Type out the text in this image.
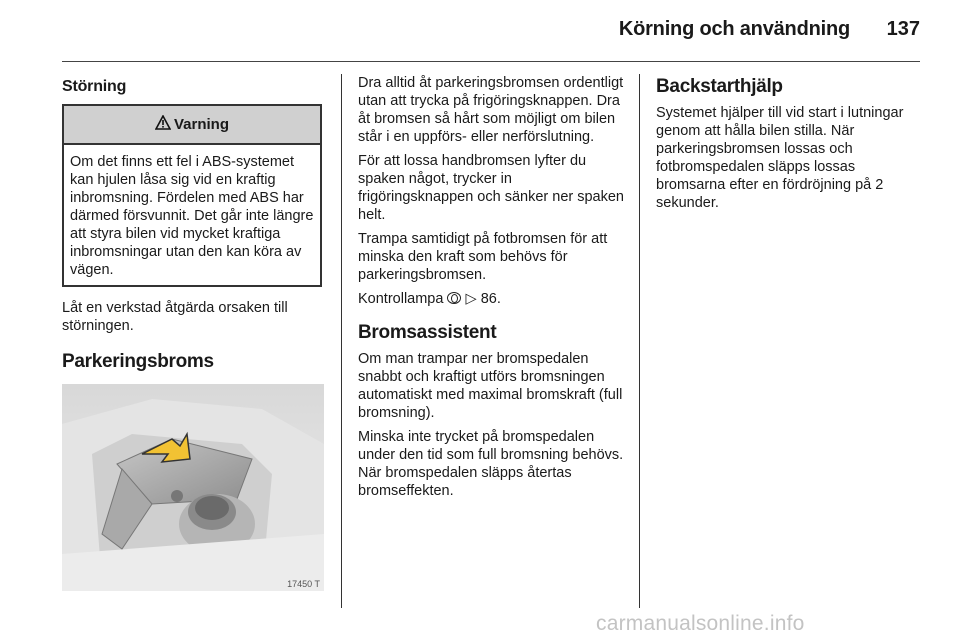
Körning och användning	137
Störning
Varning
Om det finns ett fel i ABS-systemet kan hjulen låsa sig vid en kraftig inbromsning. Fördelen med ABS har därmed försvunnit. Det går inte längre att styra bilen vid mycket kraftiga inbromsningar utan den kan köra av vägen.

Låt en verkstad åtgärda orsaken till störningen.

Parkeringsbroms
17450 T

Dra alltid åt parkeringsbromsen ordentligt utan att trycka på frigöringsknappen. Dra åt bromsen så hårt som möjligt om bilen står i en uppförs- eller nerförslutning.

För att lossa handbromsen lyfter du spaken något, trycker in frigöringsknappen och sänker ner spaken helt.

Trampa samtidigt på fotbromsen för att minska den kraft som behövs för parkeringsbromsen.

Kontrollampa ▷ 86.

Bromsassistent

Om man trampar ner bromspedalen snabbt och kraftigt utförs bromsningen automatiskt med maximal bromskraft (full bromsning).

Minska inte trycket på bromspedalen under den tid som full bromsning behövs. När bromspedalen släpps återtas bromseffekten.

Backstarthjälp

Systemet hjälper till vid start i lutningar genom att hålla bilen stilla. När parkeringsbromsen lossas och fotbromspedalen släpps lossas bromsarna efter en fördröjning på 2 sekunder.

carmanualsonline.info
